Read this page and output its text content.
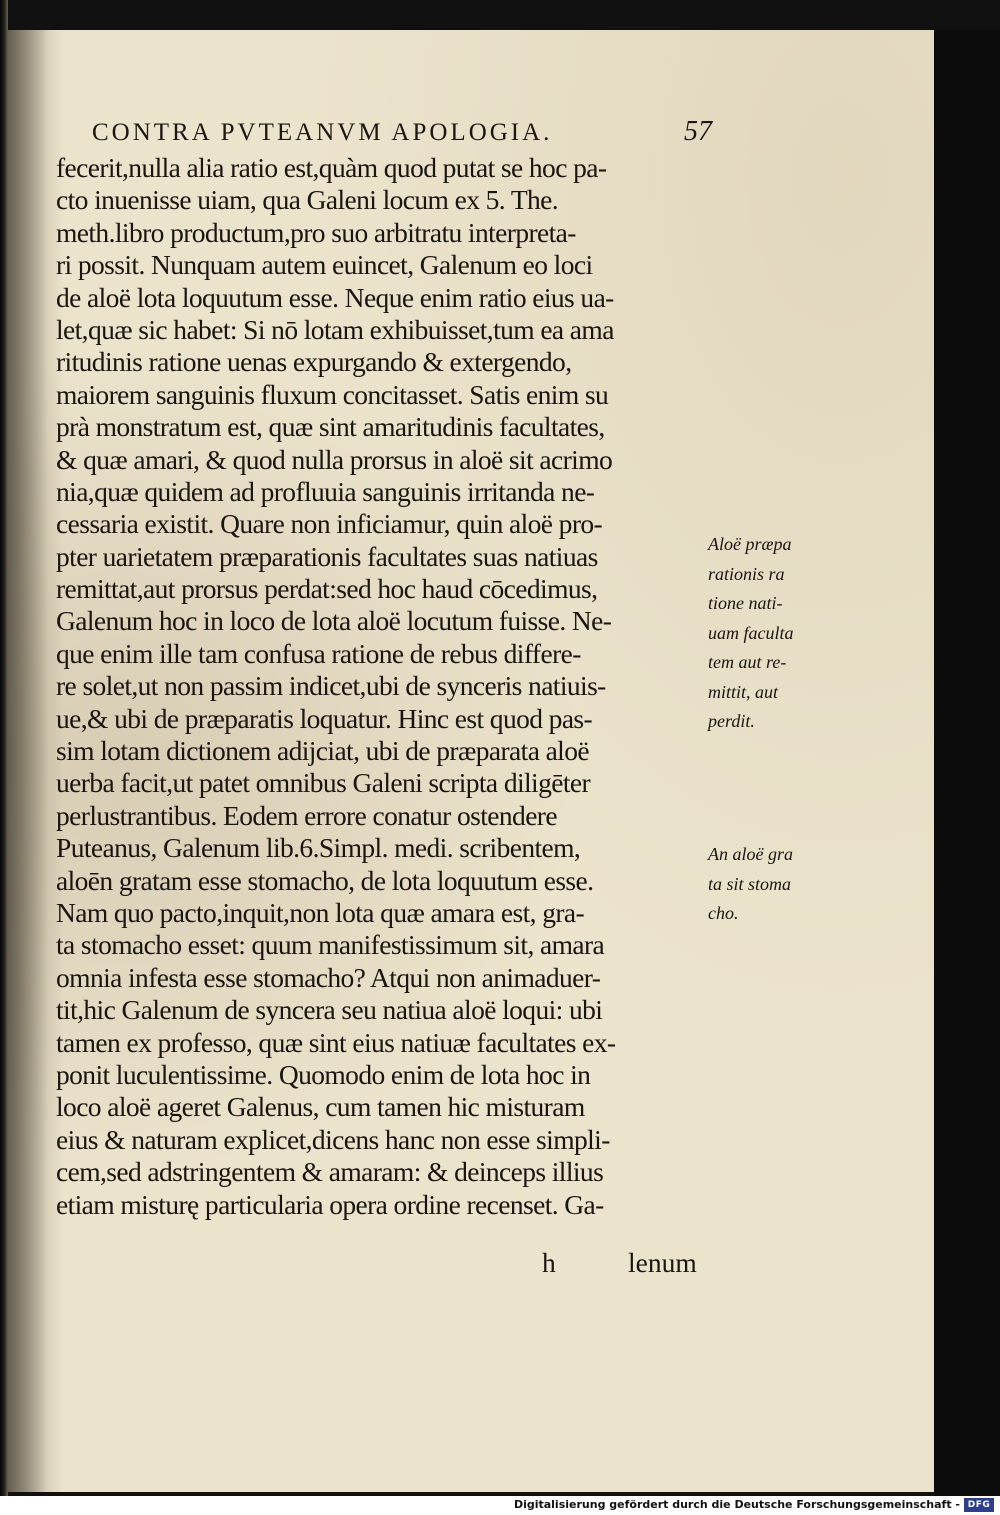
CONTRA PVTEANVM APOLOGIA.	57
fecerit,nulla alia ratio est,quàm quod putat se hoc pa-
cto inuenisse uiam, qua Galeni locum ex 5. The.
meth.libro productum,pro suo arbitratu interpreta-
ri possit. Nunquam autem euincet, Galenum eo loci
de aloë lota loquutum esse. Neque enim ratio eius ua-
let,quæ sic habet: Si nō lotam exhibuisset,tum ea ama
ritudinis ratione uenas expurgando & extergendo,
maiorem sanguinis fluxum concitasset. Satis enim su
prà monstratum est, quæ sint amaritudinis facultates,
& quæ amari, & quod nulla prorsus in aloë sit acrimo
nia,quæ quidem ad profluuia sanguinis irritanda ne-
cessaria existit. Quare non inficiamur, quin aloë pro-
pter uarietatem præparationis facultates suas natiuas
remittat,aut prorsus perdat:sed hoc haud cōcedimus,
Galenum hoc in loco de lota aloë locutum fuisse. Ne-
que enim ille tam confusa ratione de rebus differe-
re solet,ut non passim indicet,ubi de synceris natiuis-
ue,& ubi de præparatis loquatur. Hinc est quod pas-
sim lotam dictionem adijciat, ubi de præparata aloë
uerba facit,ut patet omnibus Galeni scripta diligēter
perlustrantibus. Eodem errore conatur ostendere
Puteanus, Galenum lib.6.Simpl. medi. scribentem,
aloēn gratam esse stomacho, de lota loquutum esse.
Nam quo pacto,inquit,non lota quæ amara est, gra-
ta stomacho esset: quum manifestissimum sit, amara
omnia infesta esse stomacho? Atqui non animaduer-
tit,hic Galenum de syncera seu natiua aloë loqui: ubi
tamen ex professo, quæ sint eius natiuæ facultates ex-
ponit luculentissime. Quomodo enim de lota hoc in
loco aloë ageret Galenus, cum tamen hic misturam
eius & naturam explicet,dicens hanc non esse simpli-
cem,sed adstringentem & amaram: & deinceps illius
etiam misturę particularia opera ordine recenset. Ga-
h	lenum
Aloë præpa
rationis ra
tione nati-
uam faculta
tem aut re-
mittit, aut
perdit.
An aloë gra
ta sit stoma
cho.
Digitalisierung gefördert durch die Deutsche Forschungsgemeinschaft - DFG
